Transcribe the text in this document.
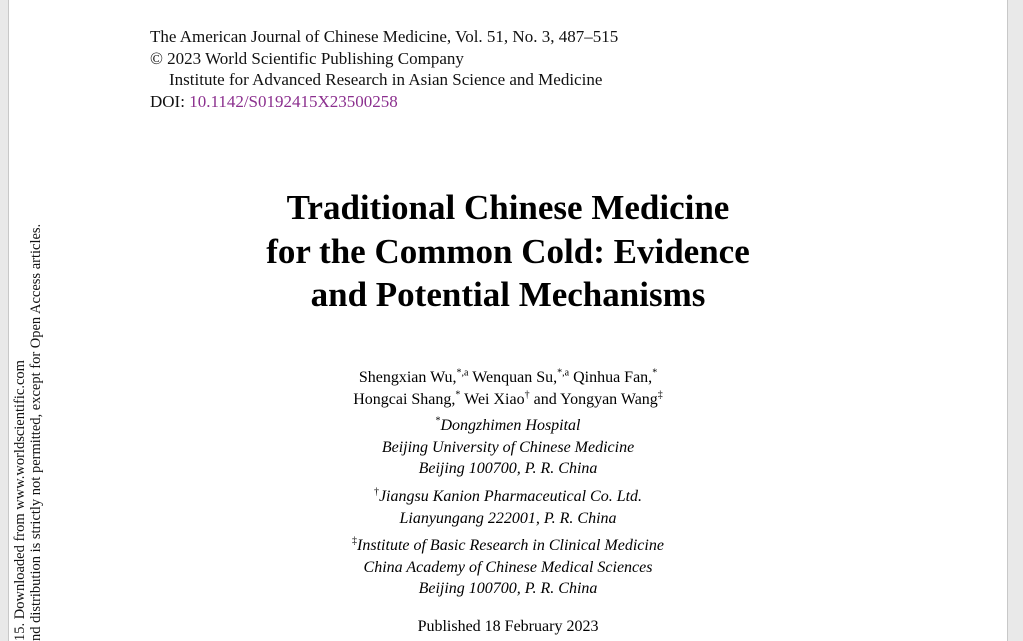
The American Journal of Chinese Medicine, Vol. 51, No. 3, 487–515
© 2023 World Scientific Publishing Company
Institute for Advanced Research in Asian Science and Medicine
DOI: 10.1142/S0192415X23500258
Traditional Chinese Medicine
for the Common Cold: Evidence
and Potential Mechanisms
Shengxian Wu,$^{*,a}$ Wenquan Su,$^{*,a}$ Qinhua Fan,*
Hongcai Shang,* Wei Xiao† and Yongyan Wang‡
*Dongzhimen Hospital
Beijing University of Chinese Medicine
Beijing 100700, P. R. China
†Jiangsu Kanion Pharmaceutical Co. Ltd.
Lianyungang 222001, P. R. China
‡Institute of Basic Research in Clinical Medicine
China Academy of Chinese Medical Sciences
Beijing 100700, P. R. China
Published 18 February 2023
15. Downloaded from www.worldscientific.com nd distribution is strictly not permitted, except for Open Access articles.
